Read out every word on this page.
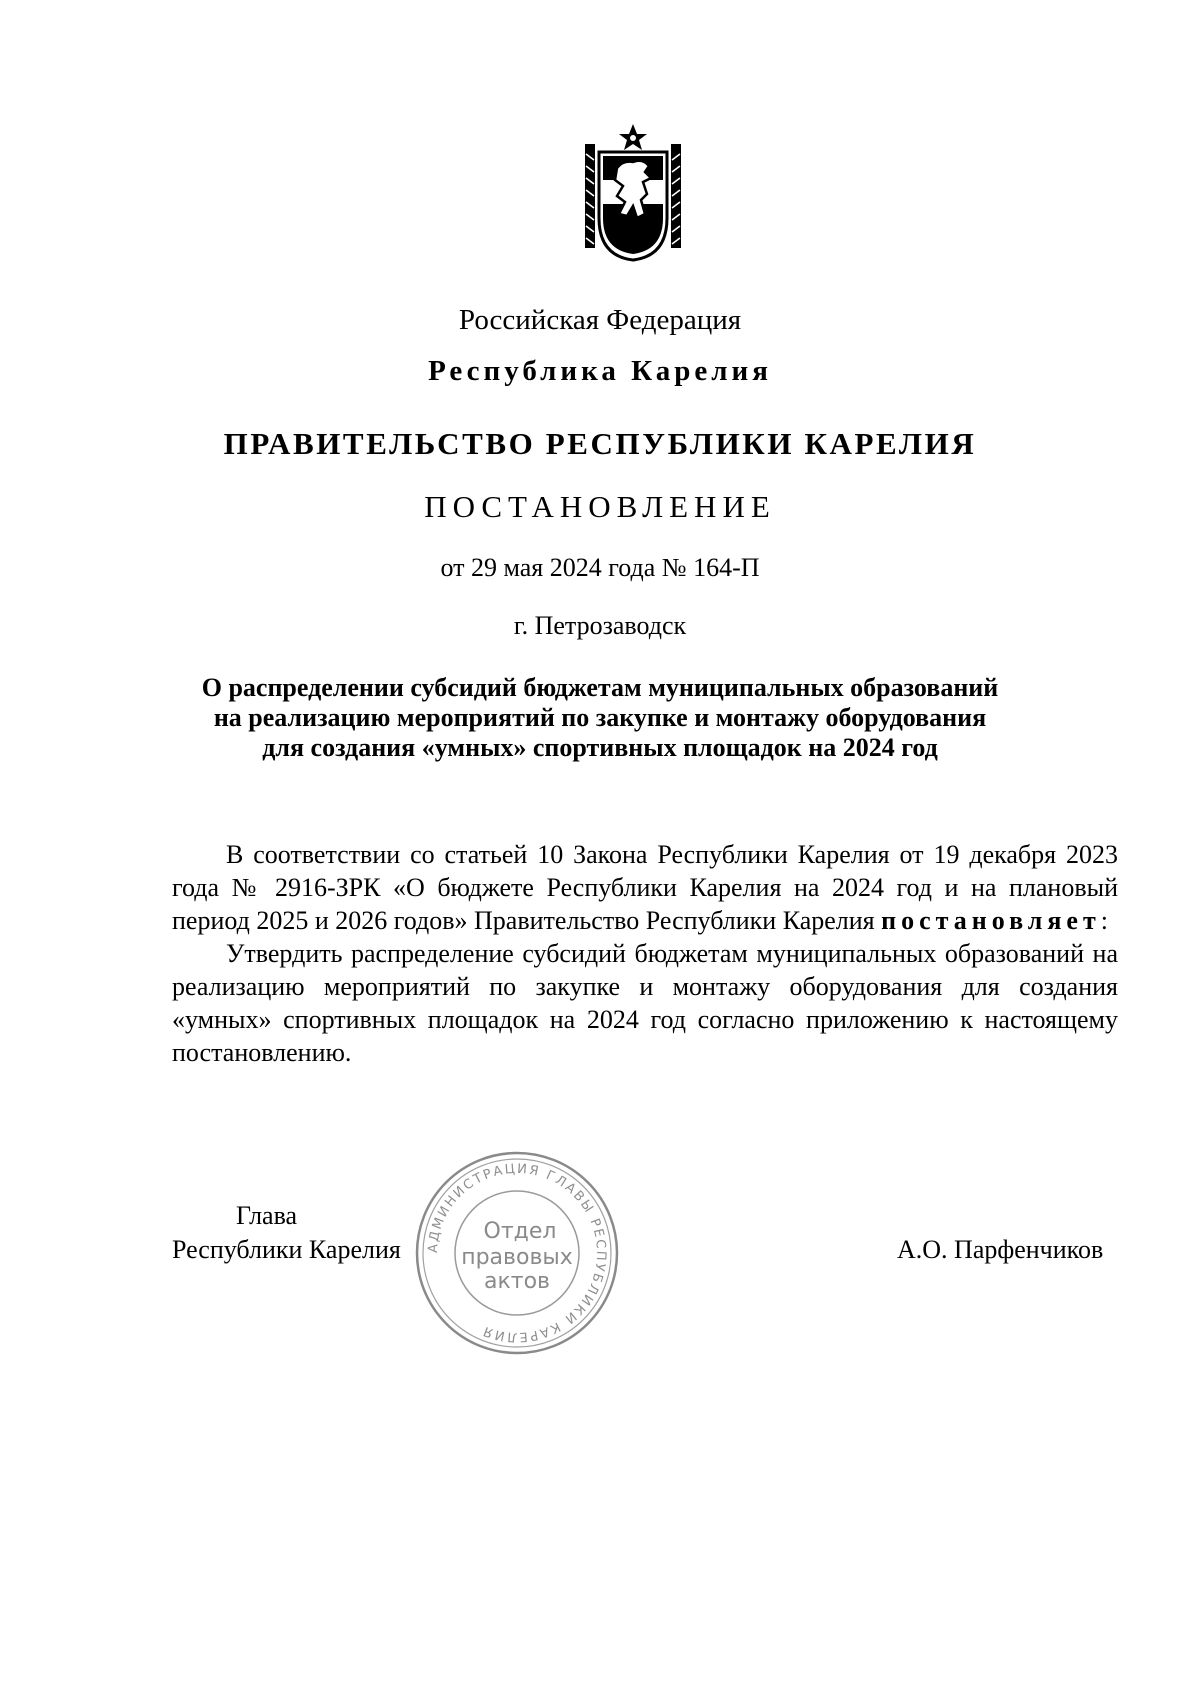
Российская Федерация
Республика Карелия
ПРАВИТЕЛЬСТВО РЕСПУБЛИКИ КАРЕЛИЯ
ПОСТАНОВЛЕНИЕ
от 29 мая 2024 года № 164-П
г. Петрозаводск
О распределении субсидий бюджетам муниципальных образований
на реализацию мероприятий по закупке и монтажу оборудования
для создания «умных» спортивных площадок на 2024 год

В соответствии со статьей 10 Закона Республики Карелия от 19 декабря 2023 года № 2916-ЗРК «О бюджете Республики Карелия на 2024 год и на плановый период 2025 и 2026 годов» Правительство Республики Карелия постановляет:

Утвердить распределение субсидий бюджетам муниципальных образований на реализацию мероприятий по закупке и монтажу оборудования для создания «умных» спортивных площадок на 2024 год согласно приложению к настоящему постановлению.

Глава
Республики Карелия	А.О. Парфенчиков
АДМИНИСТРАЦИЯ ГЛАВЫ РЕСПУБЛИКИ КАРЕЛИЯ
Отдел
правовых
актов
